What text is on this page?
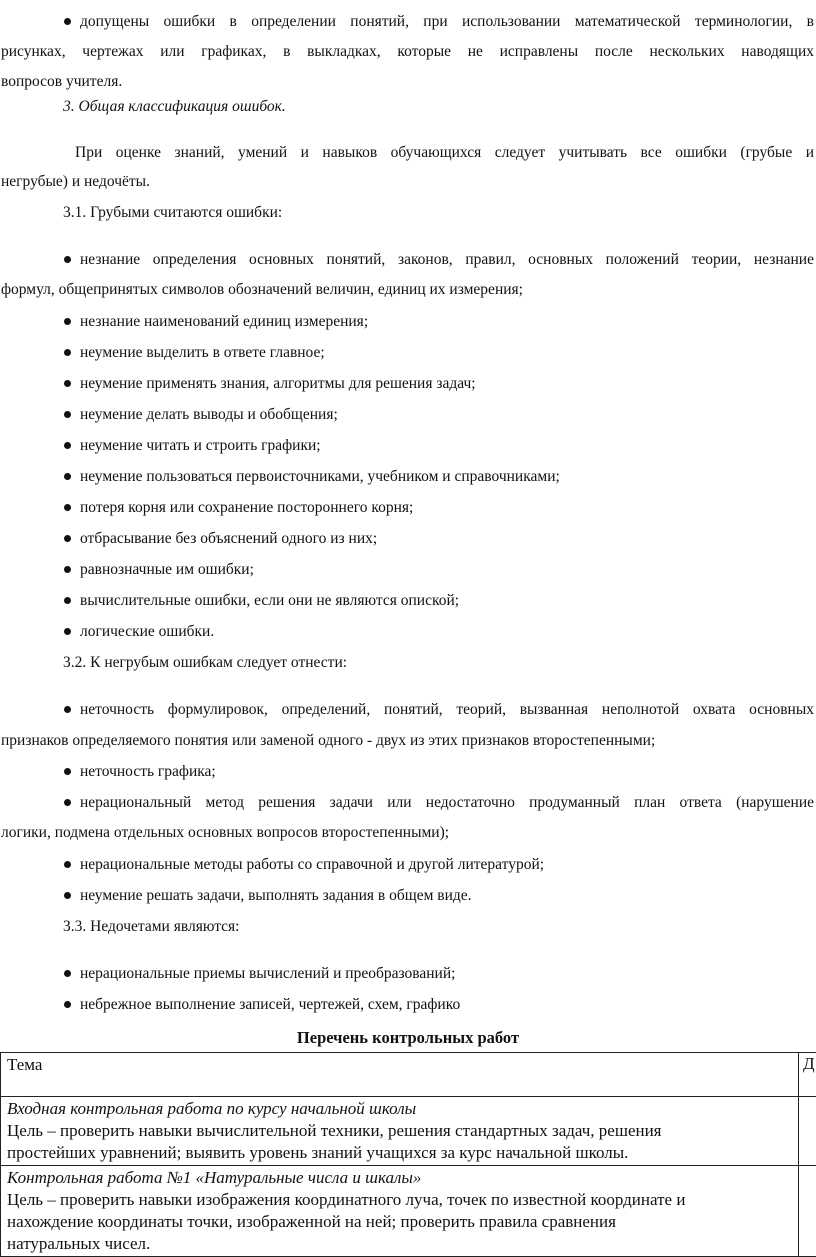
допущены ошибки в определении понятий, при использовании математической терминологии, в
рисунках, чертежах или графиках, в выкладках, которые не исправлены после нескольких наводящих
вопросов учителя.
3. Общая классификация ошибок.
При оценке знаний, умений и навыков обучающихся следует учитывать все ошибки (грубые и
негрубые) и недочёты.
3.1. Грубыми считаются ошибки:
незнание определения основных понятий, законов, правил, основных положений теории, незнание
формул, общепринятых символов обозначений величин, единиц их измерения;
незнание наименований единиц измерения;
неумение выделить в ответе главное;
неумение применять знания, алгоритмы для решения задач;
неумение делать выводы и обобщения;
неумение читать и строить графики;
неумение пользоваться первоисточниками, учебником и справочниками;
потеря корня или сохранение постороннего корня;
отбрасывание без объяснений одного из них;
равнозначные им ошибки;
вычислительные ошибки, если они не являются опиской;
логические ошибки.
3.2. К негрубым ошибкам следует отнести:
неточность формулировок, определений, понятий, теорий, вызванная неполнотой охвата основных
признаков определяемого понятия или заменой одного - двух из этих признаков второстепенными;
неточность графика;
нерациональный метод решения задачи или недостаточно продуманный план ответа (нарушение
логики, подмена отдельных основных вопросов второстепенными);
нерациональные методы работы со справочной и другой литературой;
неумение решать задачи, выполнять задания в общем виде.
3.3. Недочетами являются:
нерациональные приемы вычислений и преобразований;
небрежное выполнение записей, чертежей, схем, графико
Перечень контрольных работ
Тема	Д

Входная контрольная работа по курсу начальной школы
Цель – проверить навыки вычислительной техники, решения стандартных задач, решения
простейших уравнений; выявить уровень знаний учащихся за курс начальной школы.	

Контрольная работа №1 «Натуральные числа и шкалы»
Цель – проверить навыки изображения координатного луча, точек по известной координате и
нахождение координаты точки, изображенной на ней; проверить правила сравнения
натуральных чисел.	
